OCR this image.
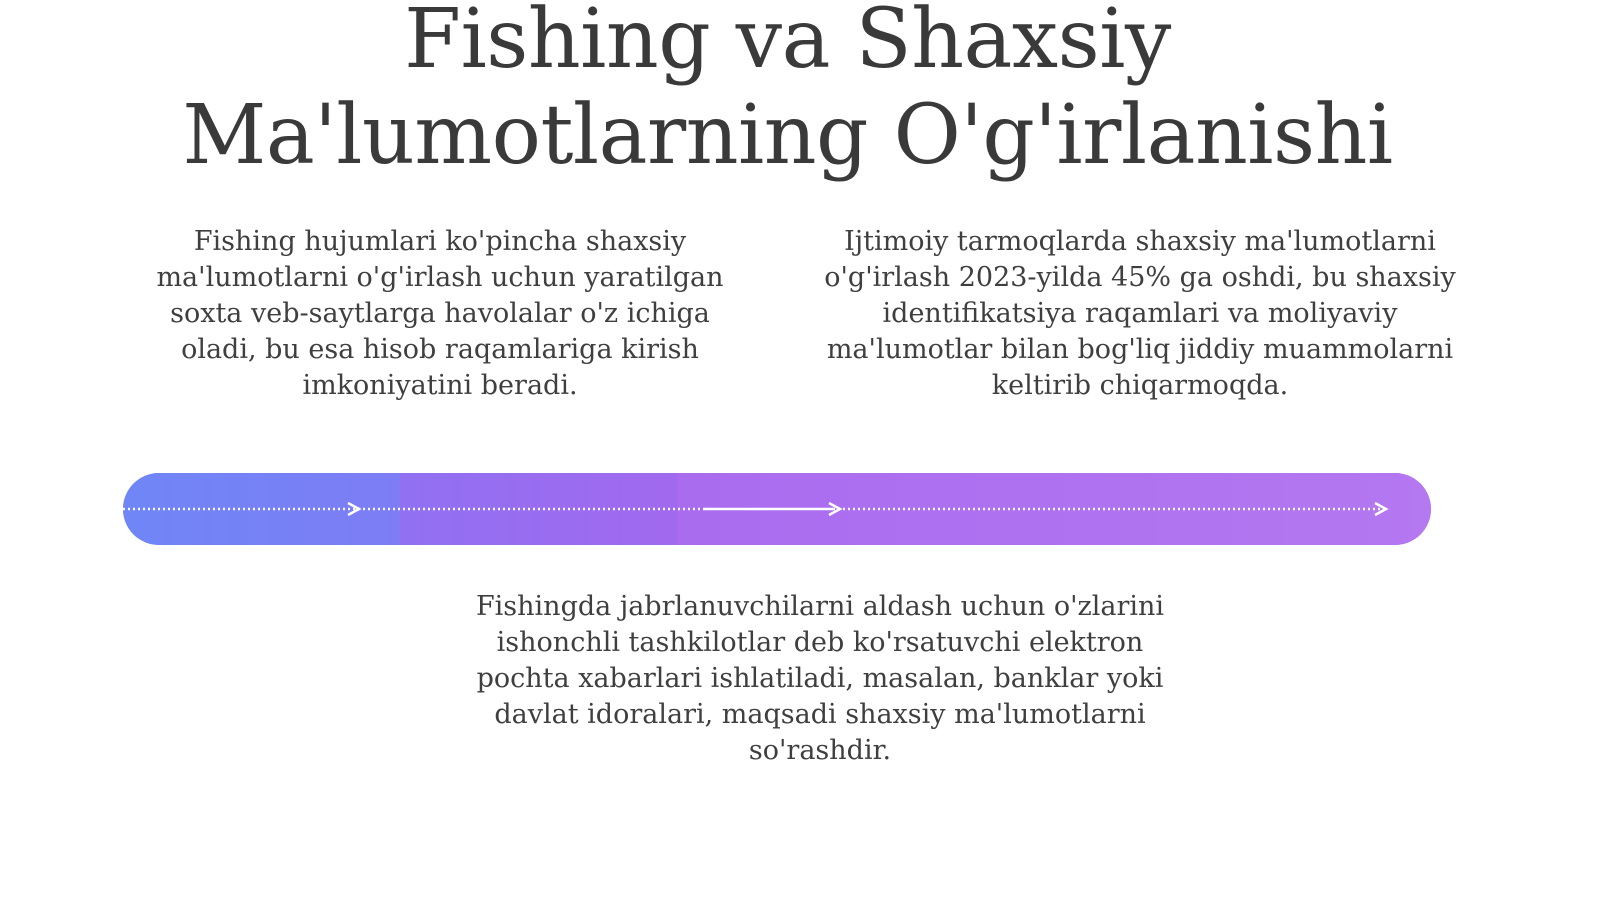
Fishing va Shaxsiy
Ma'lumotlarning O'g'irlanishi

Fishing hujumlari ko'pincha shaxsiy ma'lumotlarni o'g'irlash uchun yaratilgan soxta veb-saytlarga havolalar o'z ichiga oladi, bu esa hisob raqamlariga kirish imkoniyatini beradi.

Ijtimoiy tarmoqlarda shaxsiy ma'lumotlarni o'g'irlash 2023-yilda 45% ga oshdi, bu shaxsiy identifikatsiya raqamlari va moliyaviy ma'lumotlar bilan bog'liq jiddiy muammolarni keltirib chiqarmoqda.

Fishingda jabrlanuvchilarni aldash uchun o'zlarini ishonchli tashkilotlar deb ko'rsatuvchi elektron pochta xabarlari ishlatiladi, masalan, banklar yoki davlat idoralari, maqsadi shaxsiy ma'lumotlarni so'rashdir.
